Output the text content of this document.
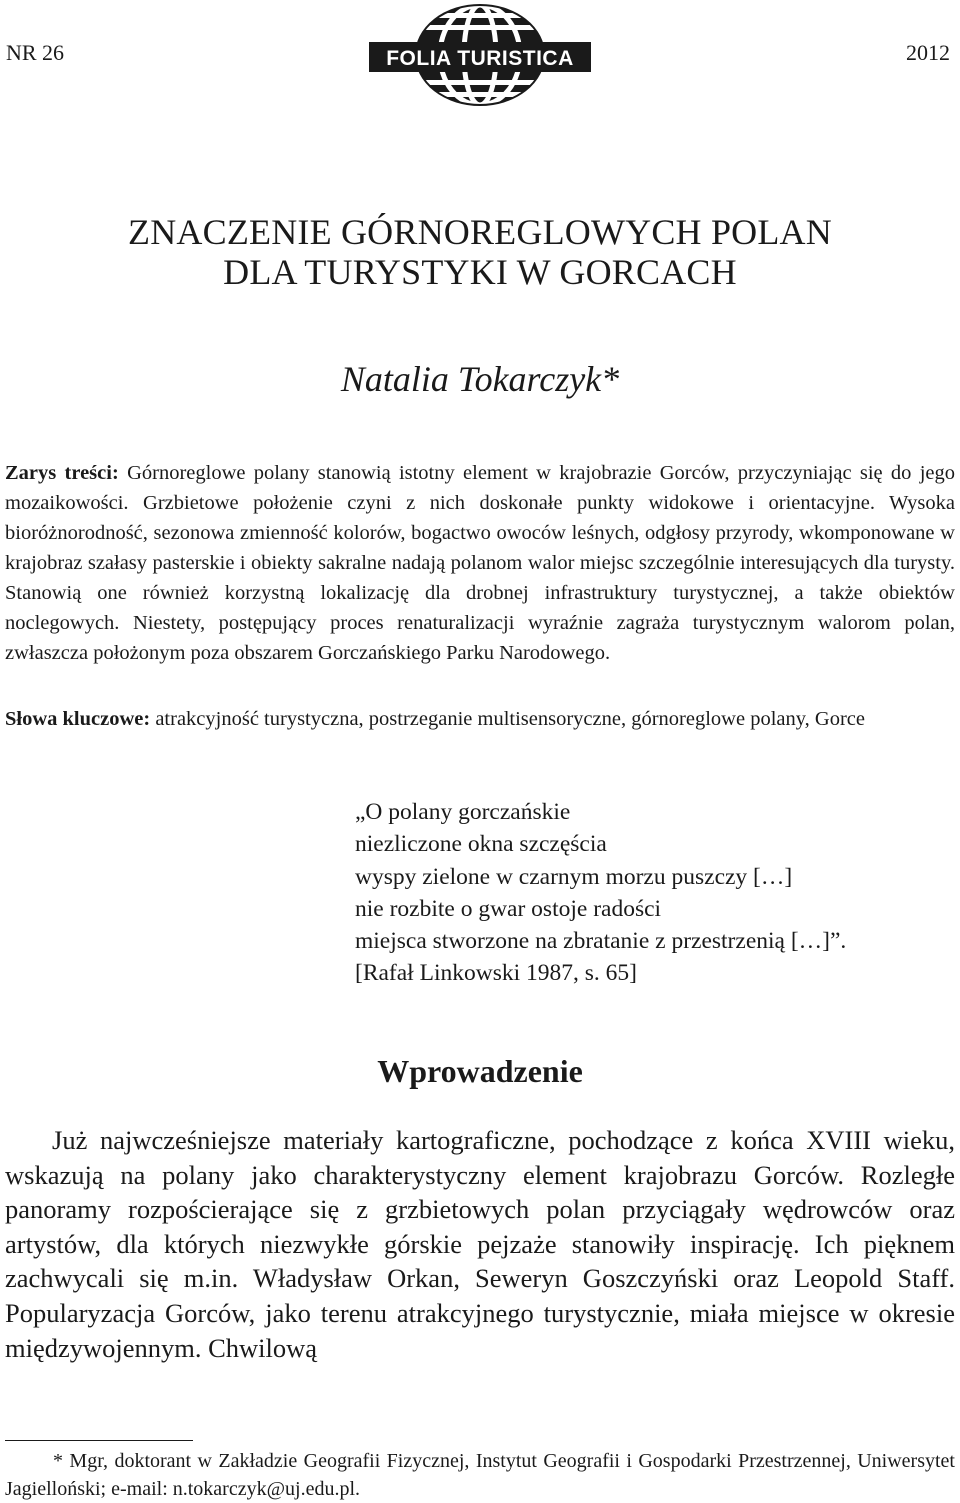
NR 26	FOLIA TURISTICA	2012
ZNACZENIE GÓRNOREGLOWYCH POLAN
DLA TURYSTYKI W GORCACH
Natalia Tokarczyk*
Zarys treści: Górnoreglowe polany stanowią istotny element w krajobrazie Gorców, przyczyniając się do jego mozaikowości. Grzbietowe położenie czyni z nich doskonałe punkty widokowe i orientacyjne. Wysoka bioróżnorodność, sezonowa zmienność kolorów, bogactwo owoców leśnych, odgłosy przyrody, wkomponowane w krajobraz szałasy pasterskie i obiekty sakralne nadają polanom walor miejsc szczególnie interesujących dla turysty. Stanowią one również korzystną lokalizację dla drobnej infrastruktury turystycznej, a także obiektów noclegowych. Niestety, postępujący proces renaturalizacji wyraźnie zagraża turystycznym walorom polan, zwłaszcza położonym poza obszarem Gorczańskiego Parku Narodowego.
Słowa kluczowe: atrakcyjność turystyczna, postrzeganie multisensoryczne, górnoreglowe polany, Gorce
„O polany gorczańskie
niezliczone okna szczęścia
wyspy zielone w czarnym morzu puszczy […]
nie rozbite o gwar ostoje radości
miejsca stworzone na zbratanie z przestrzenią […]”.
[Rafał Linkowski 1987, s. 65]
Wprowadzenie

Już najwcześniejsze materiały kartograficzne, pochodzące z końca XVIII wieku, wskazują na polany jako charakterystyczny element krajobrazu Gorców. Rozległe panoramy rozpościerające się z grzbietowych polan przyciągały wędrowców oraz artystów, dla których niezwykłe górskie pejzaże stanowiły inspirację. Ich pięknem zachwycali się m.in. Władysław Orkan, Seweryn Goszczyński oraz Leopold Staff. Popularyzacja Gorców, jako terenu atrakcyjnego turystycznie, miała miejsce w okresie międzywojennym. Chwilową

* Mgr, doktorant w Zakładzie Geografii Fizycznej, Instytut Geografii i Gospodarki Przestrzennej, Uniwersytet Jagielloński; e-mail: n.tokarczyk@uj.edu.pl.
